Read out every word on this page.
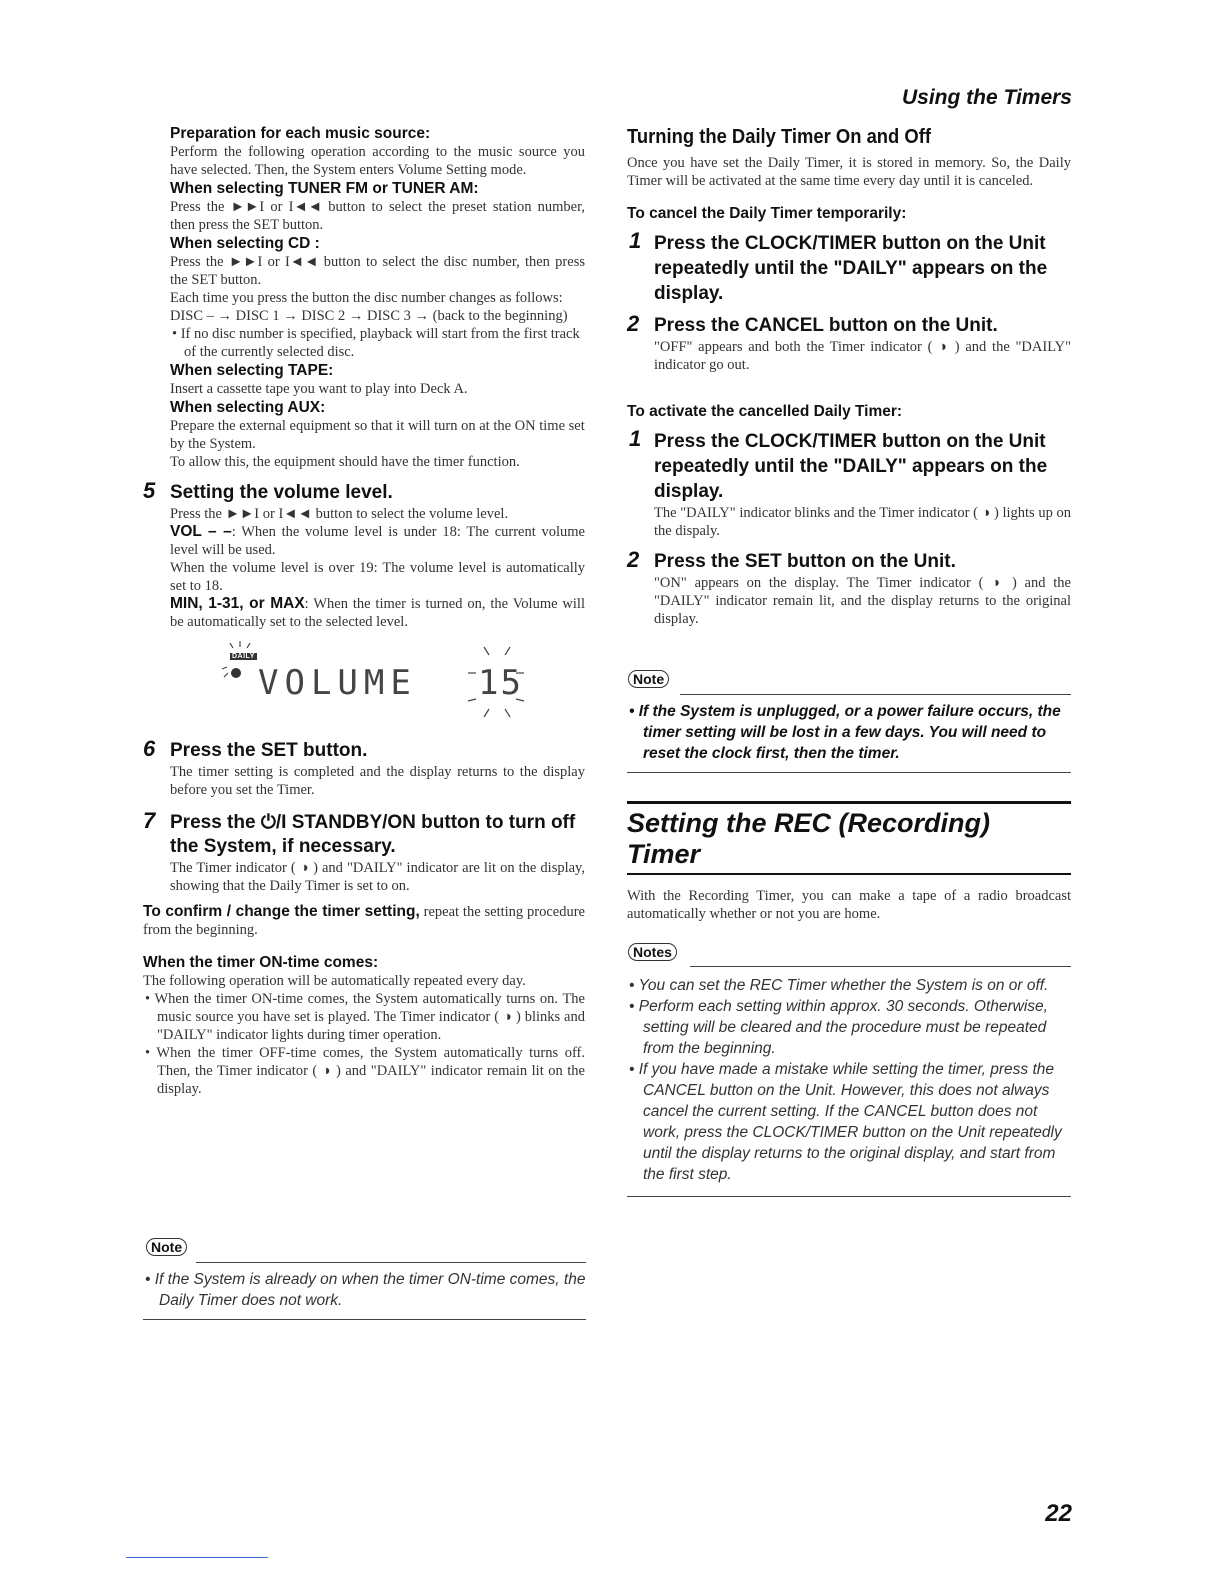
Using the Timers
Preparation for each music source:

Perform the following operation according to the music source you have selected. Then, the System enters Volume Setting mode.

When selecting TUNER FM or TUNER AM:

Press the ►►I or I◄◄ button to select the preset station number, then press the SET button.

When selecting CD :

Press the ►►I or I◄◄ button to select the disc number, then press the SET button.

Each time you press the button the disc number changes as follows:

DISC – → DISC 1 → DISC 2 → DISC 3 → (back to the beginning)

• If no disc number is specified, playback will start from the first track of the currently selected disc.

When selecting TAPE:

Insert a cassette tape you want to play into Deck A.

When selecting AUX:

Prepare the external equipment so that it will turn on at the ON time set by the System.

To allow this, the equipment should have the timer function.

5 Setting the volume level.

Press the ►►I or I◄◄ button to select the volume level.

VOL – –: When the volume level is under 18: The current volume level will be used.

When the volume level is over 19: The volume level is automatically set to 18.

MIN, 1-31, or MAX: When the timer is turned on, the Volume will be automatically set to the selected level.

DAILY
VOLUME 15
6 Press the SET button.

The timer setting is completed and the display returns to the display before you set the Timer.

7 Press the ⏻/I STANDBY/ON button to turn off the System, if necessary.

The Timer indicator ( ◑ ) and "DAILY" indicator are lit on the display, showing that the Daily Timer is set to on.

To confirm / change the timer setting, repeat the setting procedure from the beginning.

When the timer ON-time comes:

The following operation will be automatically repeated every day.

• When the timer ON-time comes, the System automatically turns on. The music source you have set is played. The Timer indicator ( ◑ ) blinks and "DAILY" indicator lights during timer operation.

• When the timer OFF-time comes, the System automatically turns off. Then, the Timer indicator ( ◑ ) and "DAILY" indicator remain lit on the display.

Note
• If the System is already on when the timer ON-time comes, the Daily Timer does not work.
Turning the Daily Timer On and Off

Once you have set the Daily Timer, it is stored in memory. So, the Daily Timer will be activated at the same time every day until it is canceled.

To cancel the Daily Timer temporarily:
1 Press the CLOCK/TIMER button on the Unit repeatedly until the "DAILY" appears on the display.
2 Press the CANCEL button on the Unit.

"OFF" appears and both the Timer indicator ( ◑ ) and the "DAILY" indicator go out.

To activate the cancelled Daily Timer:
1 Press the CLOCK/TIMER button on the Unit repeatedly until the "DAILY" appears on the display.

The "DAILY" indicator blinks and the Timer indicator ( ◑ ) lights up on the dispaly.

2 Press the SET button on the Unit.

"ON" appears on the display. The Timer indicator ( ◑ ) and the "DAILY" indicator remain lit, and the display returns to the original display.

Note
• If the System is unplugged, or a power failure occurs, the timer setting will be lost in a few days. You will need to reset the clock first, then the timer.
Setting the REC (Recording) Timer

With the Recording Timer, you can make a tape of a radio broadcast automatically whether or not you are home.

Notes
• You can set the REC Timer whether the System is on or off.
• Perform each setting within approx. 30 seconds. Otherwise, setting will be cleared and the procedure must be repeated from the beginning.
• If you have made a mistake while setting the timer, press the CANCEL button on the Unit. However, this does not always cancel the current setting. If the CANCEL button does not work, press the CLOCK/TIMER button on the Unit repeatedly until the display returns to the original display, and start from the first step.
22
